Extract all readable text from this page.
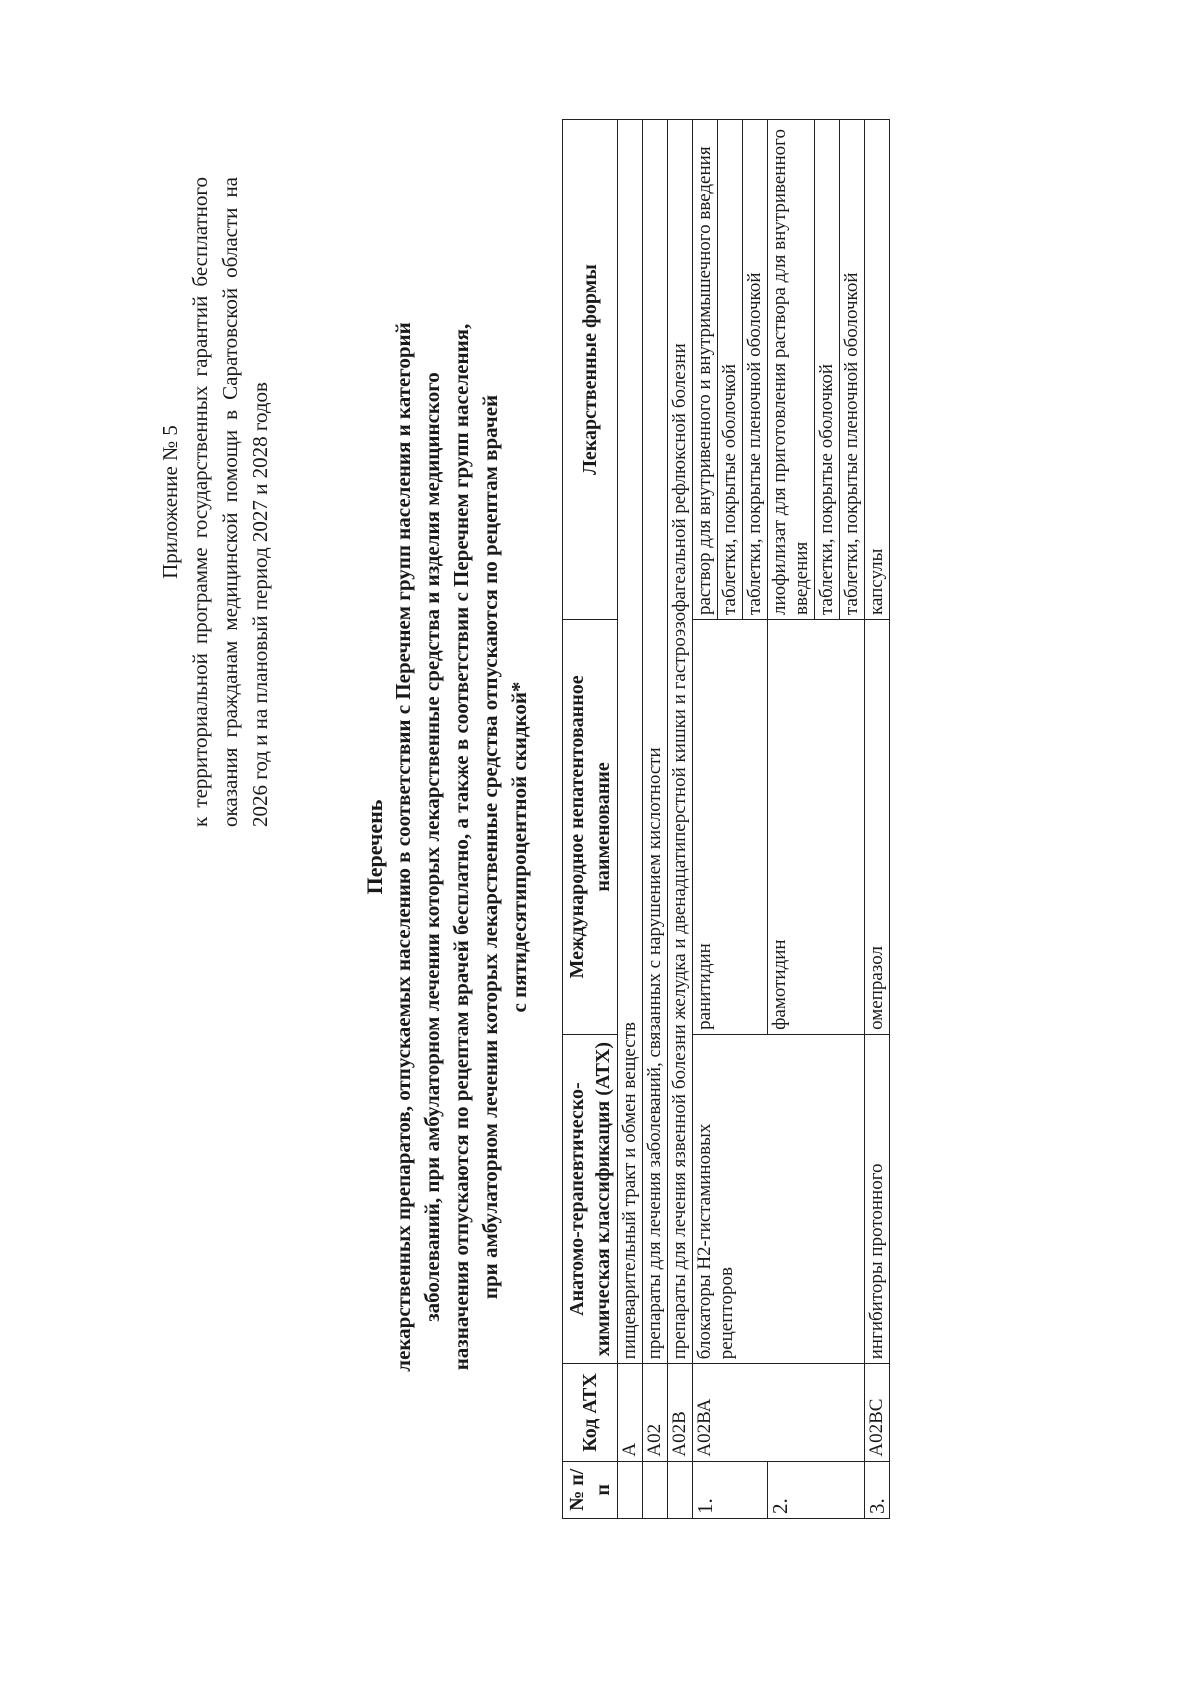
Приложение № 5 к территориальной программе государственных гарантий бесплатного оказания гражданам медицинской помощи в Саратовской области на 2026 год и на плановый период 2027 и 2028 годов
Перечень лекарственных препаратов, отпускаемых населению в соответствии с Перечнем групп населения и категорий заболеваний, при амбулаторном лечении которых лекарственные средства и изделия медицинского назначения отпускаются по рецептам врачей бесплатно, а также в соответствии с Перечнем групп населения, при амбулаторном лечении которых лекарственные средства отпускаются по рецептам врачей с пятидесятипроцентной скидкой*
№ п/п	Код АТХ	Анатомо-терапевтическо-химическая классификация (АТХ)	Международное непатентованное наименование	Лекарственные формы
	А	пищеварительный тракт и обмен веществ		
	А02	препараты для лечения заболеваний, связанных с нарушением кислотности		
	А02В	препараты для лечения язвенной болезни желудка и двенадцатиперстной кишки и гастроэзофагеальной рефлюксной болезни		
1.	А02ВА	блокаторы Н2-гистаминовых рецепторов	ранитидин	раствор для внутривенного и внутримышечного введения
				таблетки, покрытые оболочкой
				таблетки, покрытые пленочной оболочкой
2.			фамотидин	лиофилизат для приготовления раствора для внутривенного введения
				таблетки, покрытые оболочкой
				таблетки, покрытые пленочной оболочкой
3.	А02ВС	ингибиторы протонного	омепразол	капсулы
